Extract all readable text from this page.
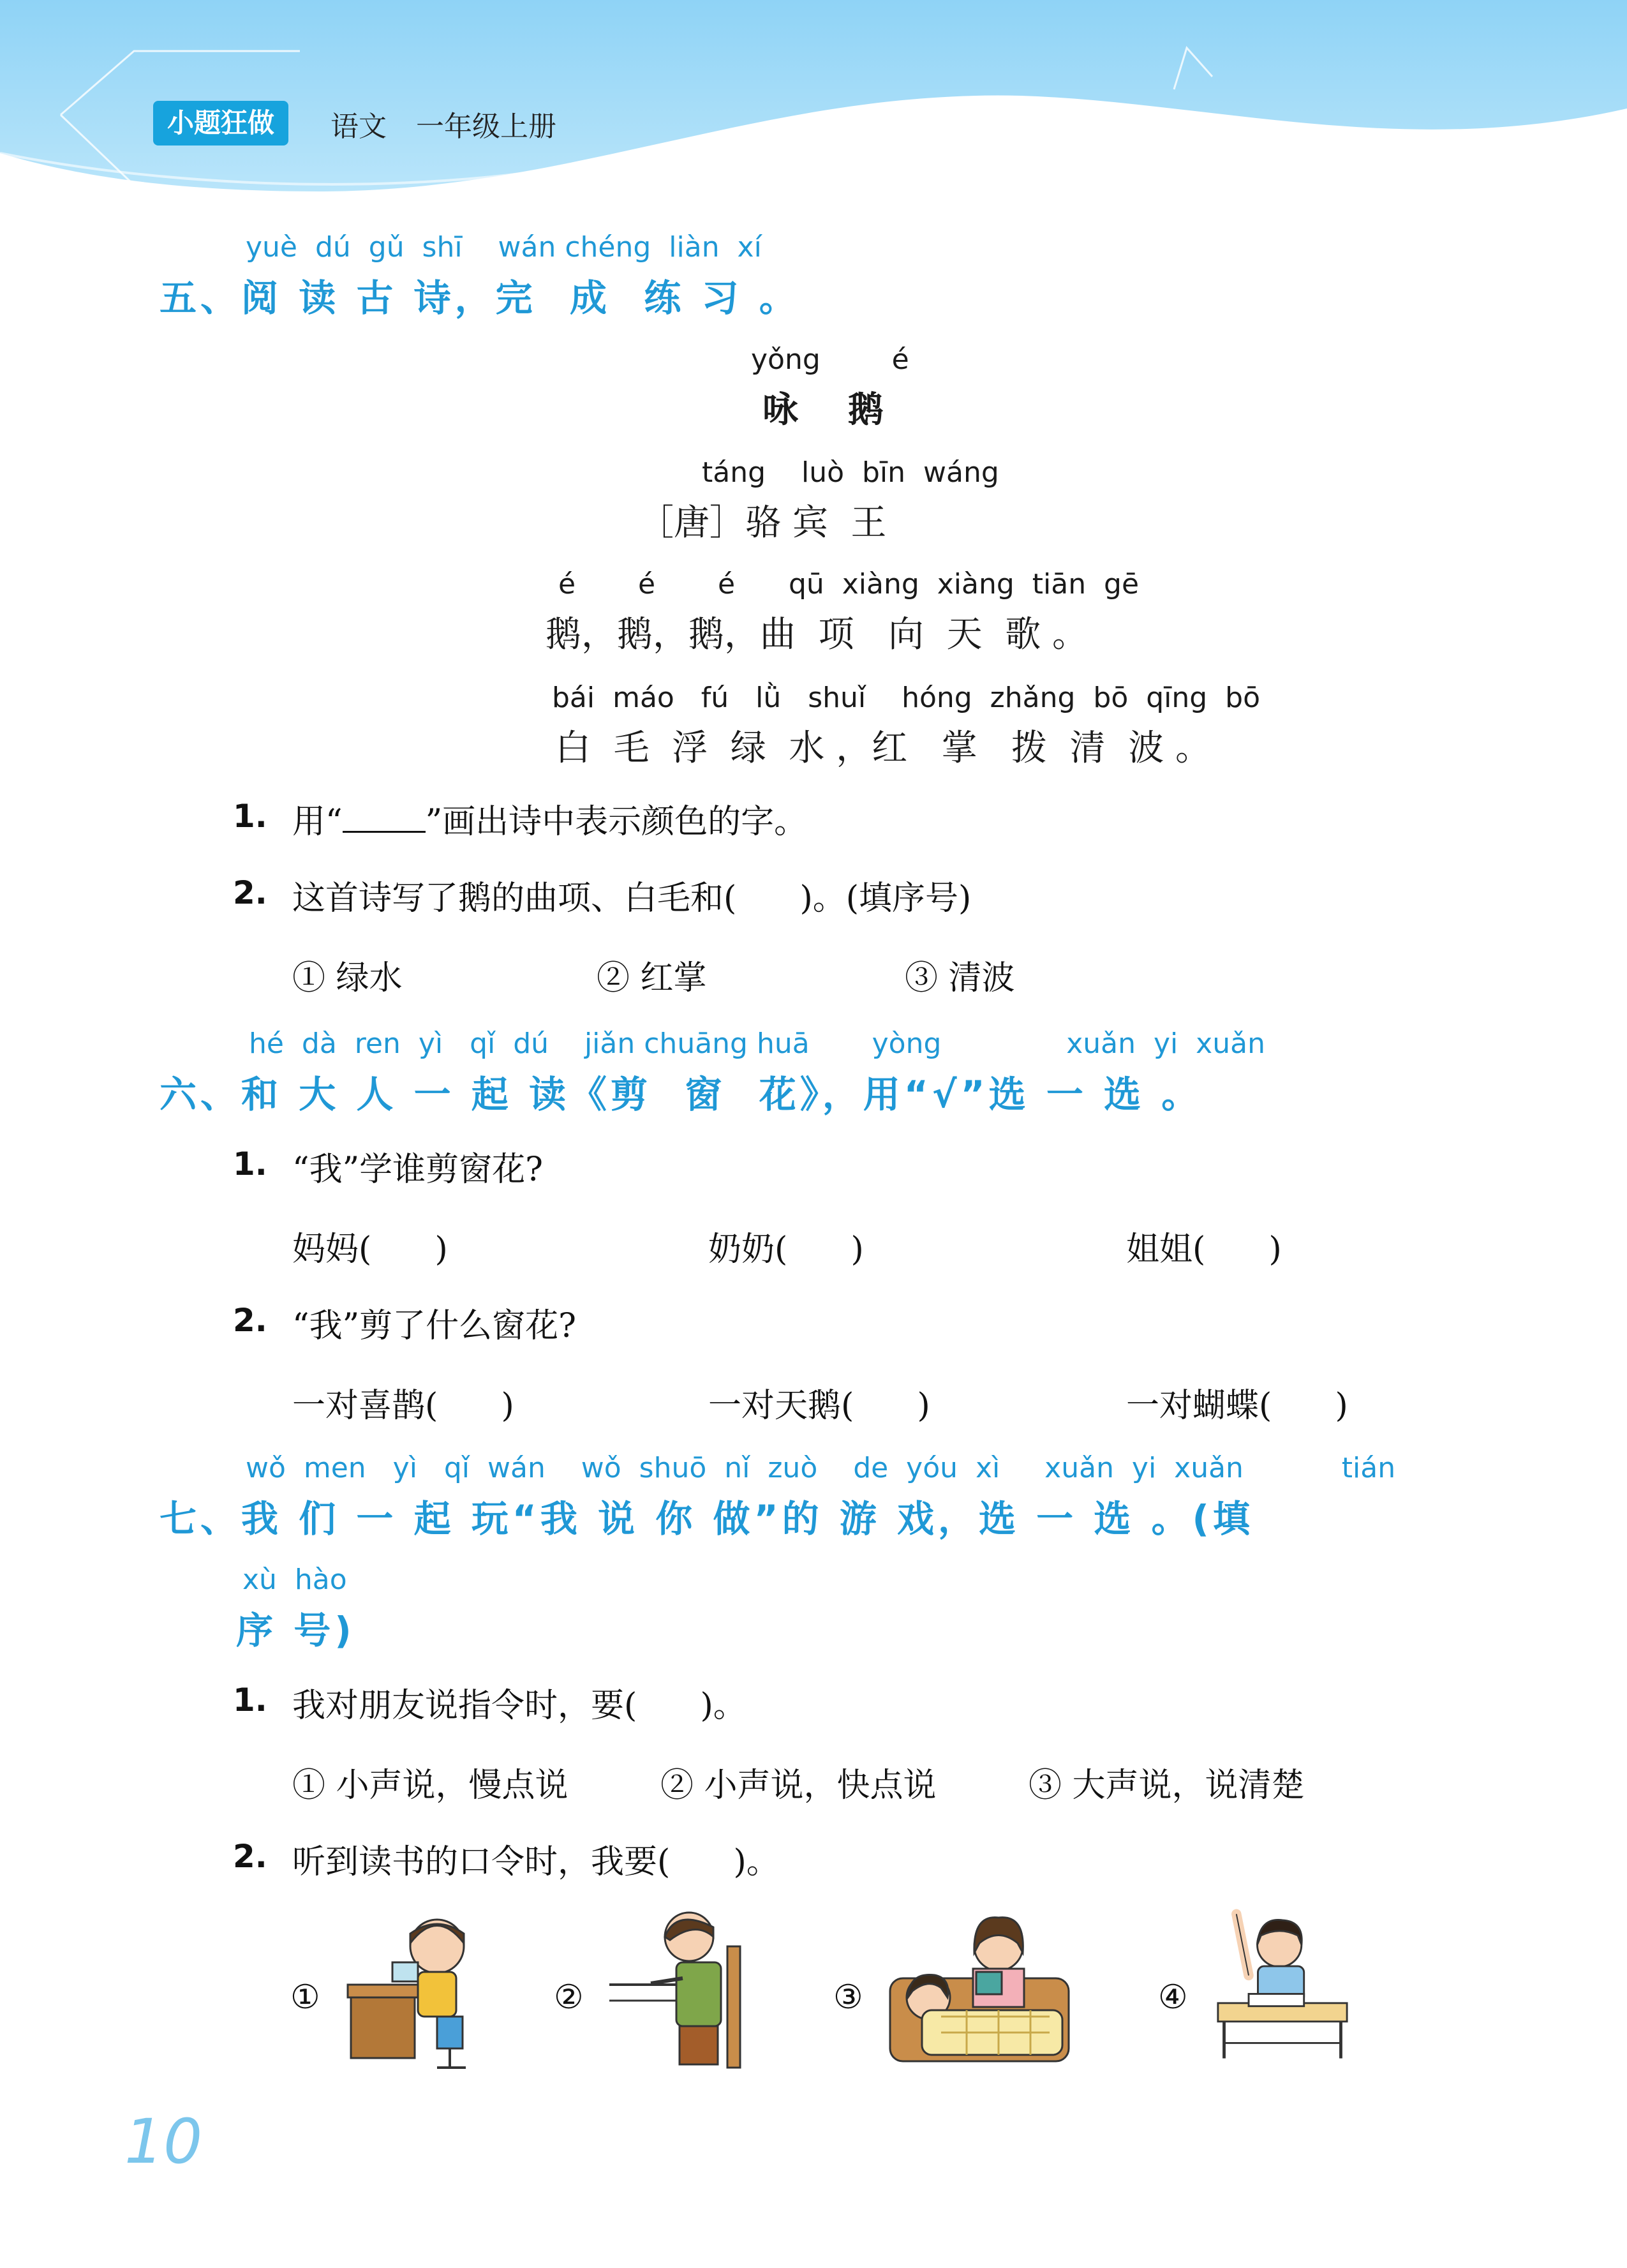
小题狂做	语文 一年级上册
yuè  dú  gǔ  shī    wán chéng  liàn  xí
五、阅 读 古 诗，完  成  练 习 。
yǒng        é
咏    鹅
táng    luò  bīn  wáng
［唐］骆 宾  王
é       é       é      qū  xiàng  xiàng  tiān  gē
鹅，鹅，鹅，曲  项   向  天  歌 。
bái  máo   fú   lǜ   shuǐ    hóng  zhǎng  bō  qīng  bō
白  毛  浮  绿  水 ，红   掌   拨  清  波 。
1. 用“	”画出诗中表示颜色的字。
2. 这首诗写了鹅的曲项、白毛和(      )。(填序号)
① 绿水	② 红掌	③ 清波
hé  dà  ren  yì   qǐ  dú    jiǎn chuāng huā       yòng              xuǎn  yi  xuǎn
六、和 大 人 一 起 读《剪  窗  花》，用“√”选 一 选 。
1. “我”学谁剪窗花?
妈妈(      )	奶奶(      )	姐姐(      )
2. “我”剪了什么窗花?
一对喜鹊(      )	一对天鹅(      )	一对蝴蝶(      )
wǒ  men   yì   qǐ  wán    wǒ  shuō  nǐ  zuò    de  yóu  xì     xuǎn  yi  xuǎn           tián
七、我 们 一 起 玩“我 说 你 做”的 游 戏，选 一 选 。(填
xù  hào
序 号)
1. 我对朋友说指令时，要(      )。
① 小声说，慢点说	② 小声说，快点说	③ 大声说，说清楚
2. 听到读书的口令时，我要(      )。
①	②	③	④
10
